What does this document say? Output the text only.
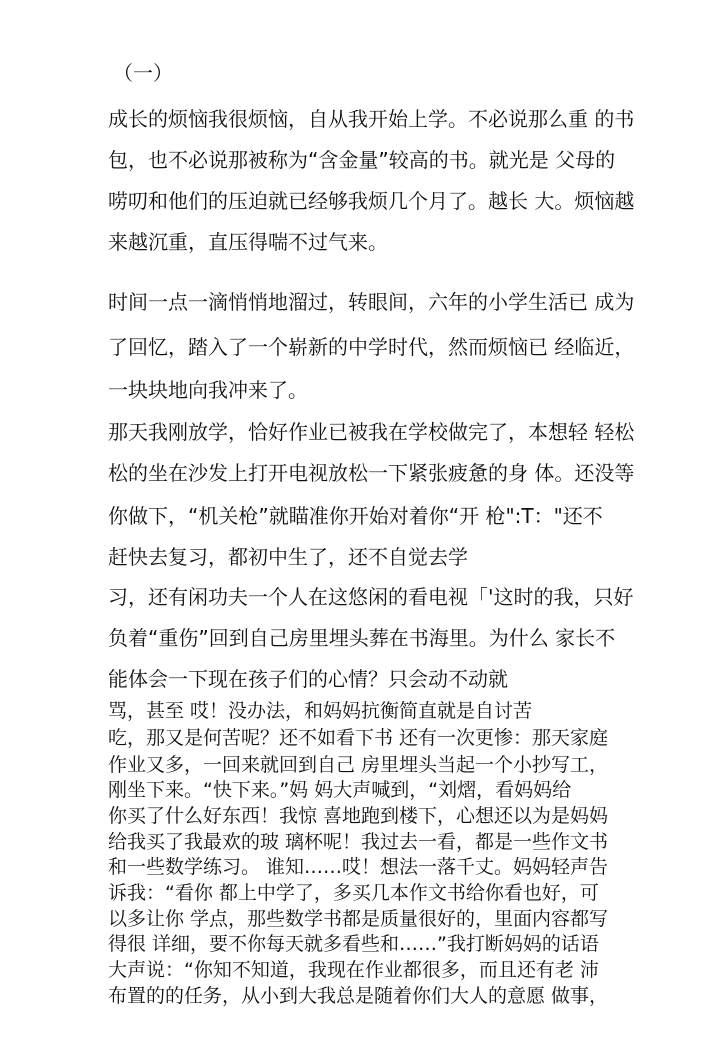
（一）
成长的烦恼我很烦恼，自从我开始上学。不必说那么重 的书
包，也不必说那被称为“含金量”较高的书。就光是 父母的
唠叨和他们的压迫就已经够我烦几个月了。越长 大。烦恼越
来越沉重，直压得喘不过气来。
时间一点一滴悄悄地溜过，转眼间，六年的小学生活已 成为
了回忆，踏入了一个崭新的中学时代，然而烦恼已 经临近，
一块块地向我冲来了。
那天我刚放学，恰好作业已被我在学校做完了，本想轻 轻松
松的坐在沙发上打开电视放松一下紧张疲惫的身 体。还没等
你做下，“机关枪”就瞄准你开始对着你“开 枪":T："还不
赶快去复习，都初中生了，还不自觉去学
习，还有闲功夫一个人在这悠闲的看电视「'这时的我，只好
负着“重伤”回到自己房里埋头葬在书海里。为什么 家长不
能体会一下现在孩子们的心情？只会动不动就
骂，甚至 哎！没办法，和妈妈抗衡简直就是自讨苦
吃，那又是何苦呢？还不如看下书 还有一次更惨：那天家庭
作业又多，一回来就回到自己 房里埋头当起一个小抄写工，
刚坐下来。“快下来。”妈 妈大声喊到，“刘熠，看妈妈给
你买了什么好东西！我惊 喜地跑到楼下，心想还以为是妈妈
给我买了我最欢的玻 璃杯呢！我过去一看，都是一些作文书
和一些数学练习。 谁知……哎！想法一落千丈。妈妈轻声告
诉我：“看你 都上中学了，多买几本作文书给你看也好，可
以多让你 学点，那些数学书都是质量很好的，里面内容都写
得很 详细，要不你每天就多看些和……”我打断妈妈的话语
大声说：“你知不知道，我现在作业都很多，而且还有老 沛
布置的的任务，从小到大我总是随着你们大人的意愿 做事，
